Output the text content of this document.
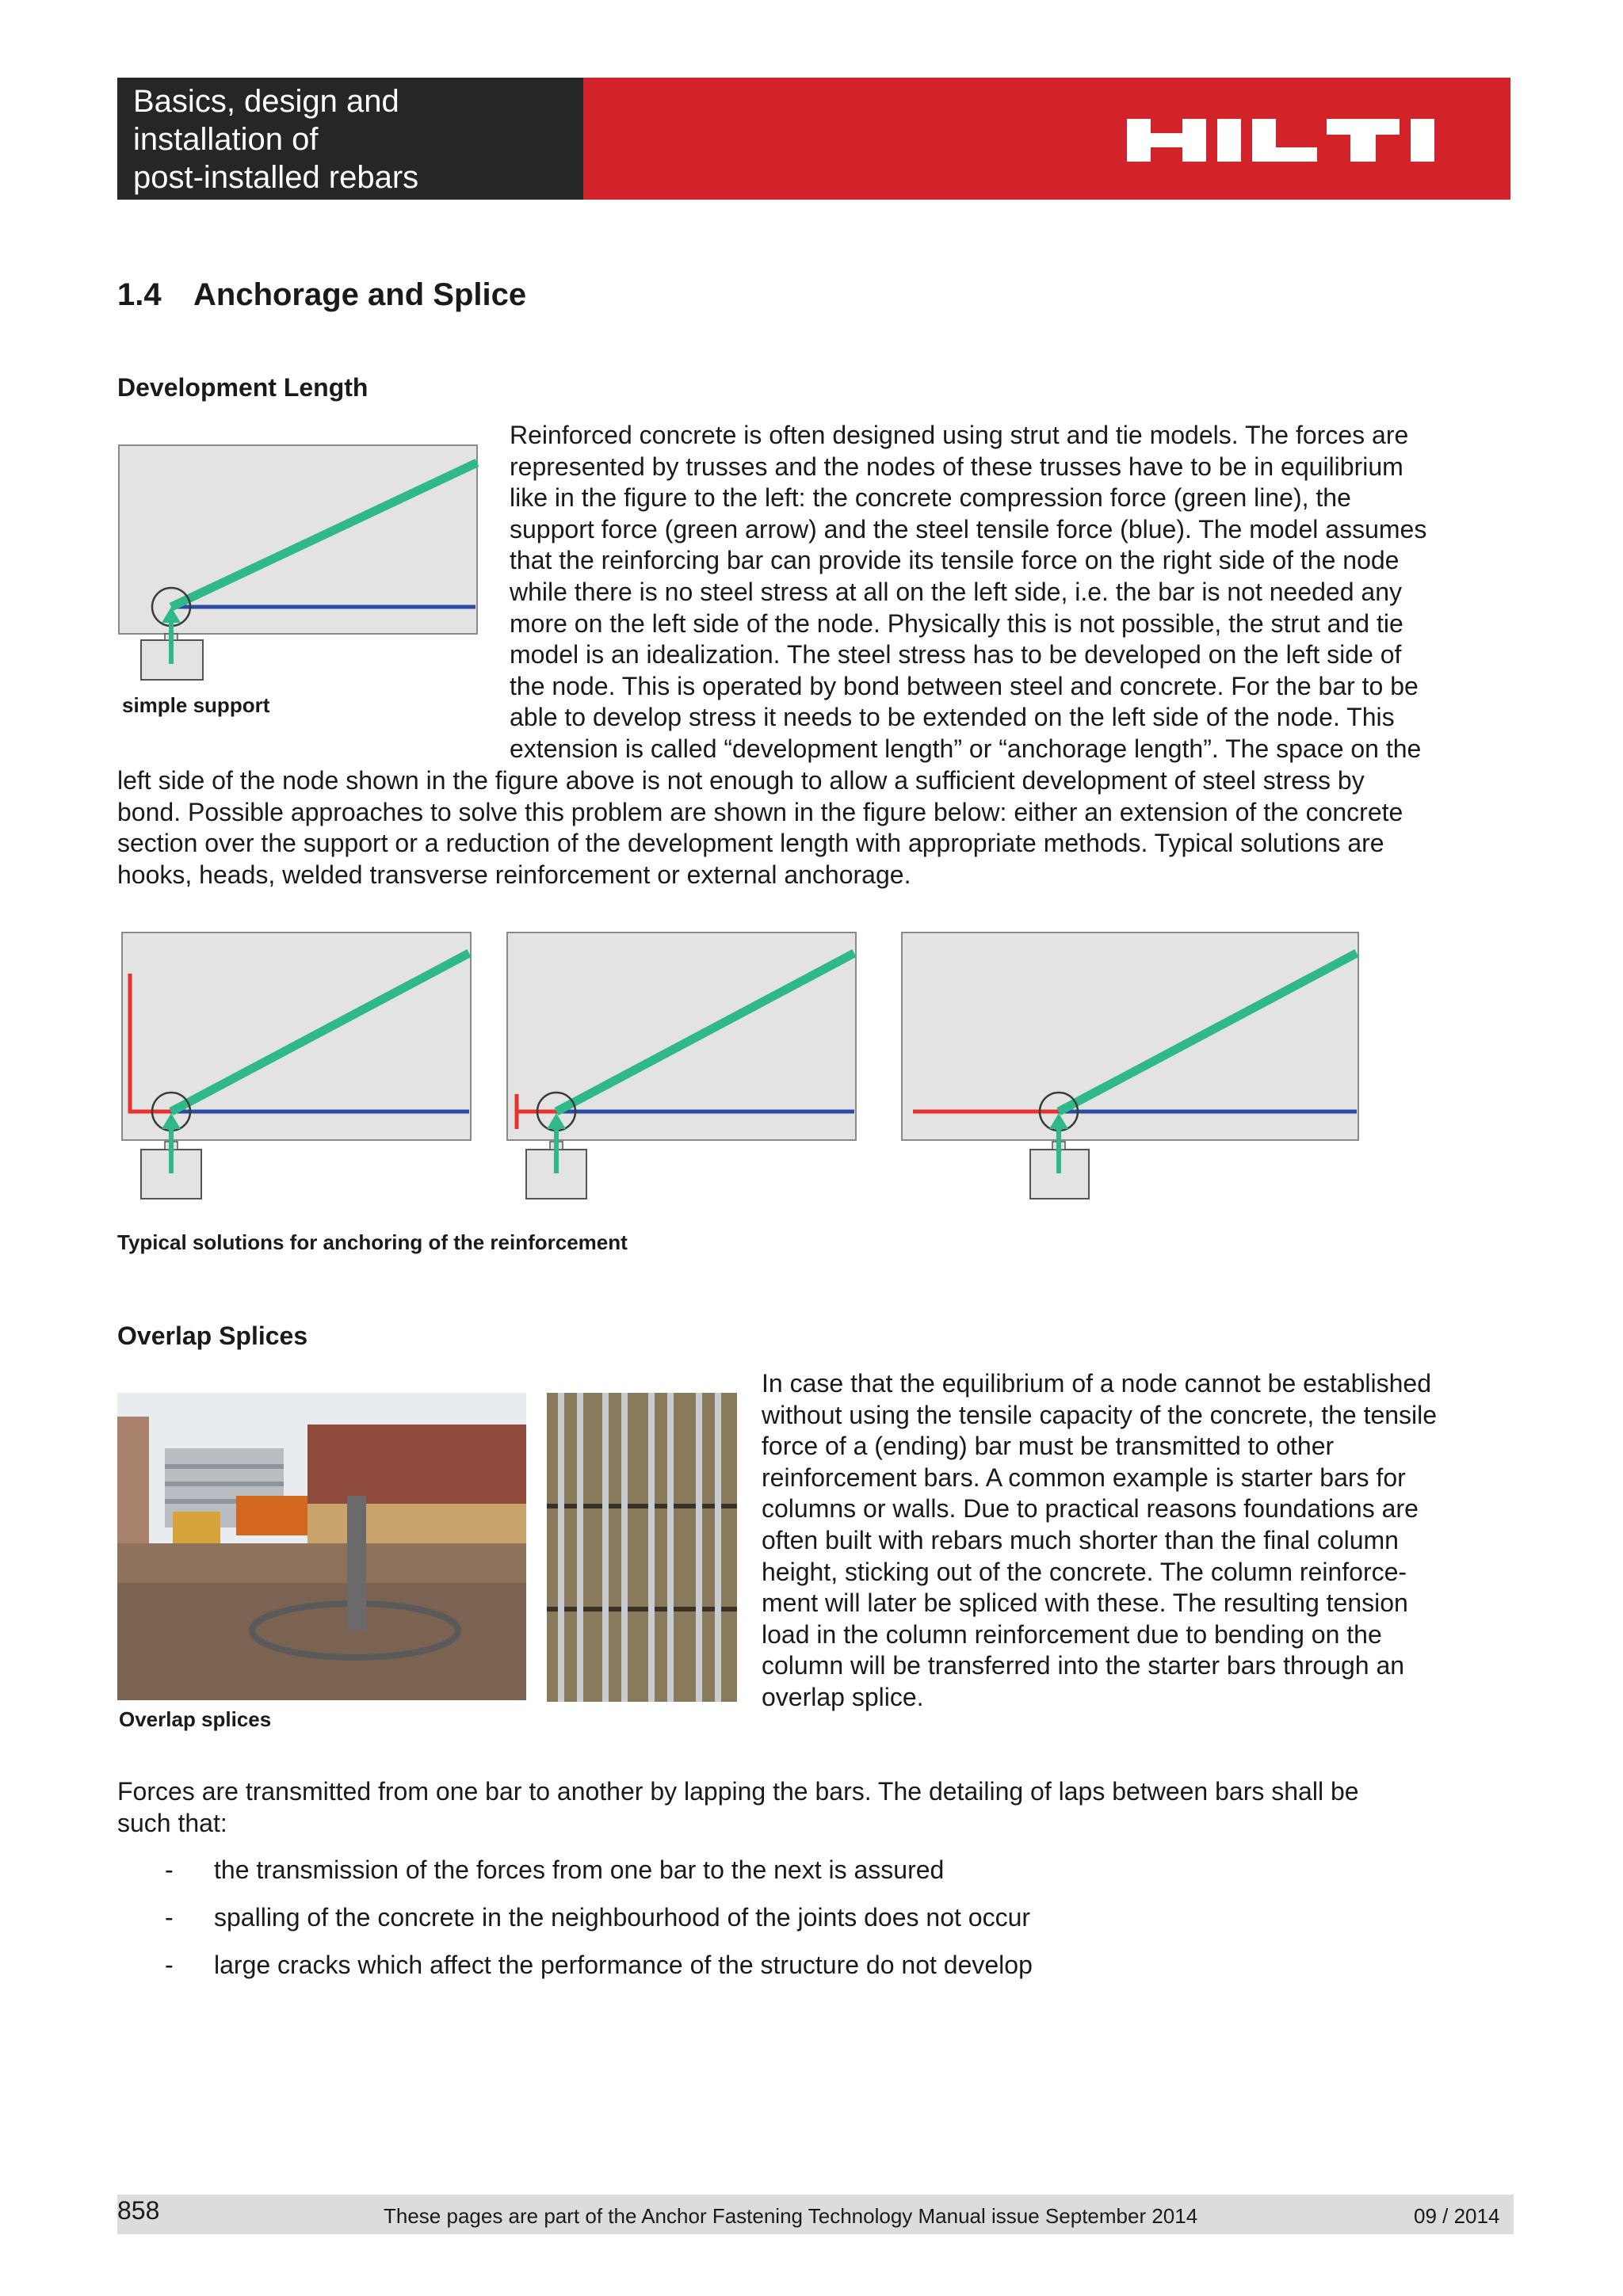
Basics, design and
installation of
post-installed rebars
1.4 Anchorage and Splice
Development Length
simple support
Reinforced concrete is often designed using strut and tie models. The forces are
represented by trusses and the nodes of these trusses have to be in equilibrium
like in the figure to the left: the concrete compression force (green line), the
support force (green arrow) and the steel tensile force (blue). The model assumes
that the reinforcing bar can provide its tensile force on the right side of the node
while there is no steel stress at all on the left side, i.e. the bar is not needed any
more on the left side of the node. Physically this is not possible, the strut and tie
model is an idealization. The steel stress has to be developed on the left side of
the node. This is operated by bond between steel and concrete. For the bar to be
able to develop stress it needs to be extended on the left side of the node. This
extension is called “development length” or “anchorage length”. The space on the
left side of the node shown in the figure above is not enough to allow a sufficient development of steel stress by
bond. Possible approaches to solve this problem are shown in the figure below: either an extension of the concrete
section over the support or a reduction of the development length with appropriate methods. Typical solutions are
hooks, heads, welded transverse reinforcement or external anchorage.
Typical solutions for anchoring of the reinforcement
Overlap Splices
Overlap splices
In case that the equilibrium of a node cannot be established
without using the tensile capacity of the concrete, the tensile
force of a (ending) bar must be transmitted to other
reinforcement bars. A common example is starter bars for
columns or walls. Due to practical reasons foundations are
often built with rebars much shorter than the final column
height, sticking out of the concrete. The column reinforce-
ment will later be spliced with these. The resulting tension
load in the column reinforcement due to bending on the
column will be transferred into the starter bars through an
overlap splice.
Forces are transmitted from one bar to another by lapping the bars. The detailing of laps between bars shall be
such that:
- the transmission of the forces from one bar to the next is assured
- spalling of the concrete in the neighbourhood of the joints does not occur
- large cracks which affect the performance of the structure do not develop
858	These pages are part of the Anchor Fastening Technology Manual issue September 2014	09 / 2014
